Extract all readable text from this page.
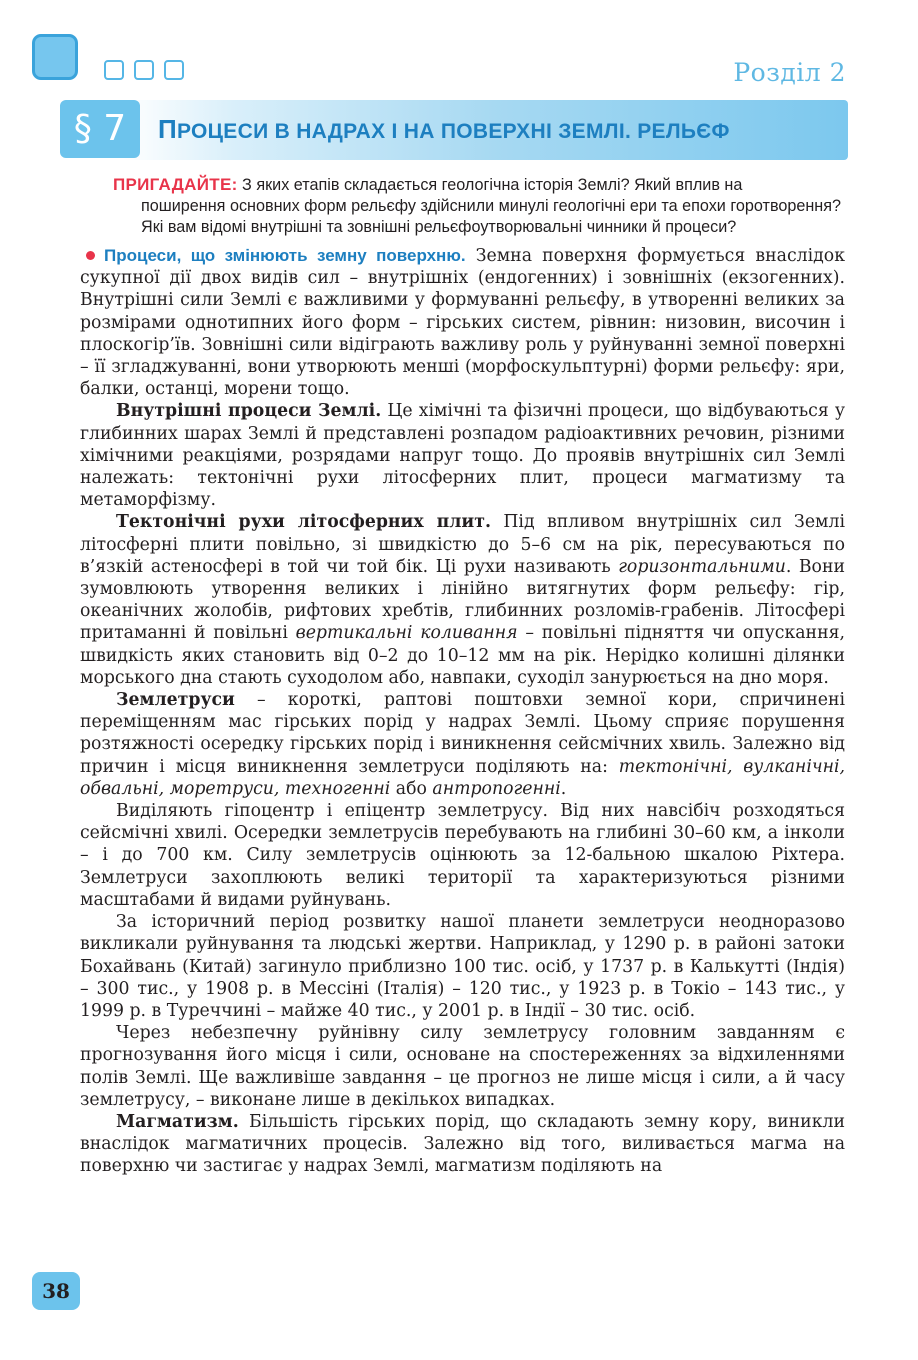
Розділ 2
§ 7	ПРОЦЕСИ В НАДРАХ І НА ПОВЕРХНІ ЗЕМЛІ. РЕЛЬЄФ
ПРИГАДАЙТЕ: З яких етапів складається геологічна історія Землі? Який вплив на
поширення основних форм рельєфу здійснили минулі геологічні ери та епохи горотворення? Які вам відомі внутрішні та зовнішні рельєфоутворювальні чинники й процеси?

Процеси, що змінюють земну поверхню. Земна поверхня формується внаслідок сукупної дії двох видів сил – внутрішніх (ендогенних) і зовнішніх (екзогенних). Внутрішні сили Землі є важливими у формуванні рельєфу, в утворенні великих за розмірами однотипних його форм – гірських систем, рівнин: низовин, височин і плоскогір’їв. Зовнішні сили відіграють важливу роль у руйнуванні земної поверхні – її згладжуванні, вони утворюють менші (морфоскульптурні) форми рельєфу: яри, балки, останці, морени тощо.

Внутрішні процеси Землі. Це хімічні та фізичні процеси, що відбуваються у глибинних шарах Землі й представлені розпадом радіоактивних речовин, різними хімічними реакціями, розрядами напруг тощо. До проявів внутрішніх сил Землі належать: тектонічні рухи літосферних плит, процеси магматизму та метаморфізму.

Тектонічні рухи літосферних плит. Під впливом внутрішніх сил Землі літосферні плити повільно, зі швидкістю до 5–6 см на рік, пересуваються по в’язкій астеносфері в той чи той бік. Ці рухи називають горизонтальними. Вони зумовлюють утворення великих і лінійно витягнутих форм рельєфу: гір, океанічних жолобів, рифтових хребтів, глибинних розломів-грабенів. Літосфері притаманні й повільні вертикальні коливання – повільні підняття чи опускання, швидкість яких становить від 0–2 до 10–12 мм на рік. Нерідко колишні ділянки морського дна стають суходолом або, навпаки, суходіл занурюється на дно моря.

Землетруси – короткі, раптові поштовхи земної кори, спричинені переміщенням мас гірських порід у надрах Землі. Цьому сприяє порушення розтяжності осередку гірських порід і виникнення сейсмічних хвиль. Залежно від причин і місця виникнення землетруси поділяють на: тектонічні, вулканічні, обвальні, моретруси, техногенні або антропогенні.

Виділяють гіпоцентр і епіцентр землетрусу. Від них навсібіч розходяться сейсмічні хвилі. Осередки землетрусів перебувають на глибині 30–60 км, а інколи – і до 700 км. Силу землетрусів оцінюють за 12-бальною шкалою Ріхтера. Землетруси захоплюють великі території та характеризуються різними масштабами й видами руйнувань.

За історичний період розвитку нашої планети землетруси неодноразово викликали руйнування та людські жертви. Наприклад, у 1290 р. в районі затоки Бохайвань (Китай) загинуло приблизно 100 тис. осіб, у 1737 р. в Калькутті (Індія) – 300 тис., у 1908 р. в Мессіні (Італія) – 120 тис., у 1923 р. в Токіо – 143 тис., у 1999 р. в Туреччині – майже 40 тис., у 2001 р. в Індії – 30 тис. осіб.

Через небезпечну руйнівну силу землетрусу головним завданням є прогнозування його місця і сили, основане на спостереженнях за відхиленнями полів Землі. Ще важливіше завдання – це прогноз не лише місця і сили, а й часу землетрусу, – виконане лише в декількох випадках.

Магматизм. Більшість гірських порід, що складають земну кору, виникли внаслідок магматичних процесів. Залежно від того, виливається магма на поверхню чи застигає у надрах Землі, магматизм поділяють на

38
